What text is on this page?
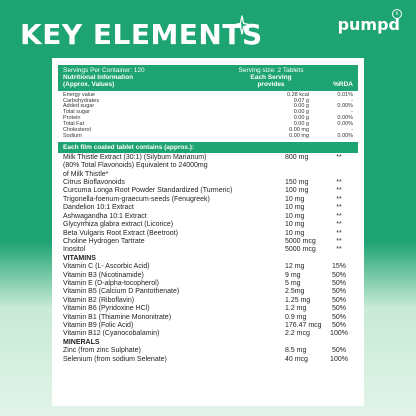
KEY ELEMENTS	pumpd
R
Servings Per Container: 120	Serving size: 2 Tablets
Nutritional Information	Each Serving
(Approx. Values)	provides	%RDA
Energy value	0.28 kcal	0.01%
Carbohydrates	0.07 g	-
Added sugar	0.00 g	0.00%
Total sugar	0.00 g	-
Protein	0.00 g	0.00%
Total Fat	0.00 g	0.00%
Cholesterol	0.00 mg	-
Sodium	0.00 mg	0.00%
Each film coated tablet contains (approx.):
Milk Thistle Extract (30:1) (Silybum Marianum)	800 mg	**
(80% Total Flavonoids) Equivalent to 24000mg
of Milk Thistle*
Citrus Bioflavonoids	150 mg	**
Curcuma Longa Root Powder Standardized (Turmeric)	100 mg	**
Trigonella-foenum-graecum-seeds (Fenugreek)	10 mg	**
Dandelion 10:1 Extract	10 mg	**
Ashwagandha 10:1 Extract	10 mg	**
Glycyrrhiza glabra extract (Licorice)	10 mg	**
Beta Vulgaris Root Extract (Beetroot)	10 mg	**
Choline Hydrogen Tartrate	5000 mcg	**
Inositol	5000 mcg	**
VITAMINS
Vitamin C (L- Ascorbic Acid)	12 mg	15%
Vitamin B3 (Nicotinamide)	9 mg	50%
Vitamin E (D-alpha-tocopherol)	5 mg	50%
Vitamin B5 (Calcium D Pantothenate)	2.5mg	50%
Vitamin B2 (Riboflavin)	1.25 mg	50%
Vitamin B6 (Pyridoxine HCl)	1.2 mg	50%
Vitamin B1 (Thiamine Mononitrate)	0.9 mg	50%
Vitamin B9 (Folic Acid)	176.47 mcg	50%
Vitamin B12 (Cyanocobalamin)	2.2 mcg	100%
MINERALS
Zinc (from zinc Sulphate)	8.5 mg	50%
Selenium (from sodium Selenate)	40 mcg	100%
